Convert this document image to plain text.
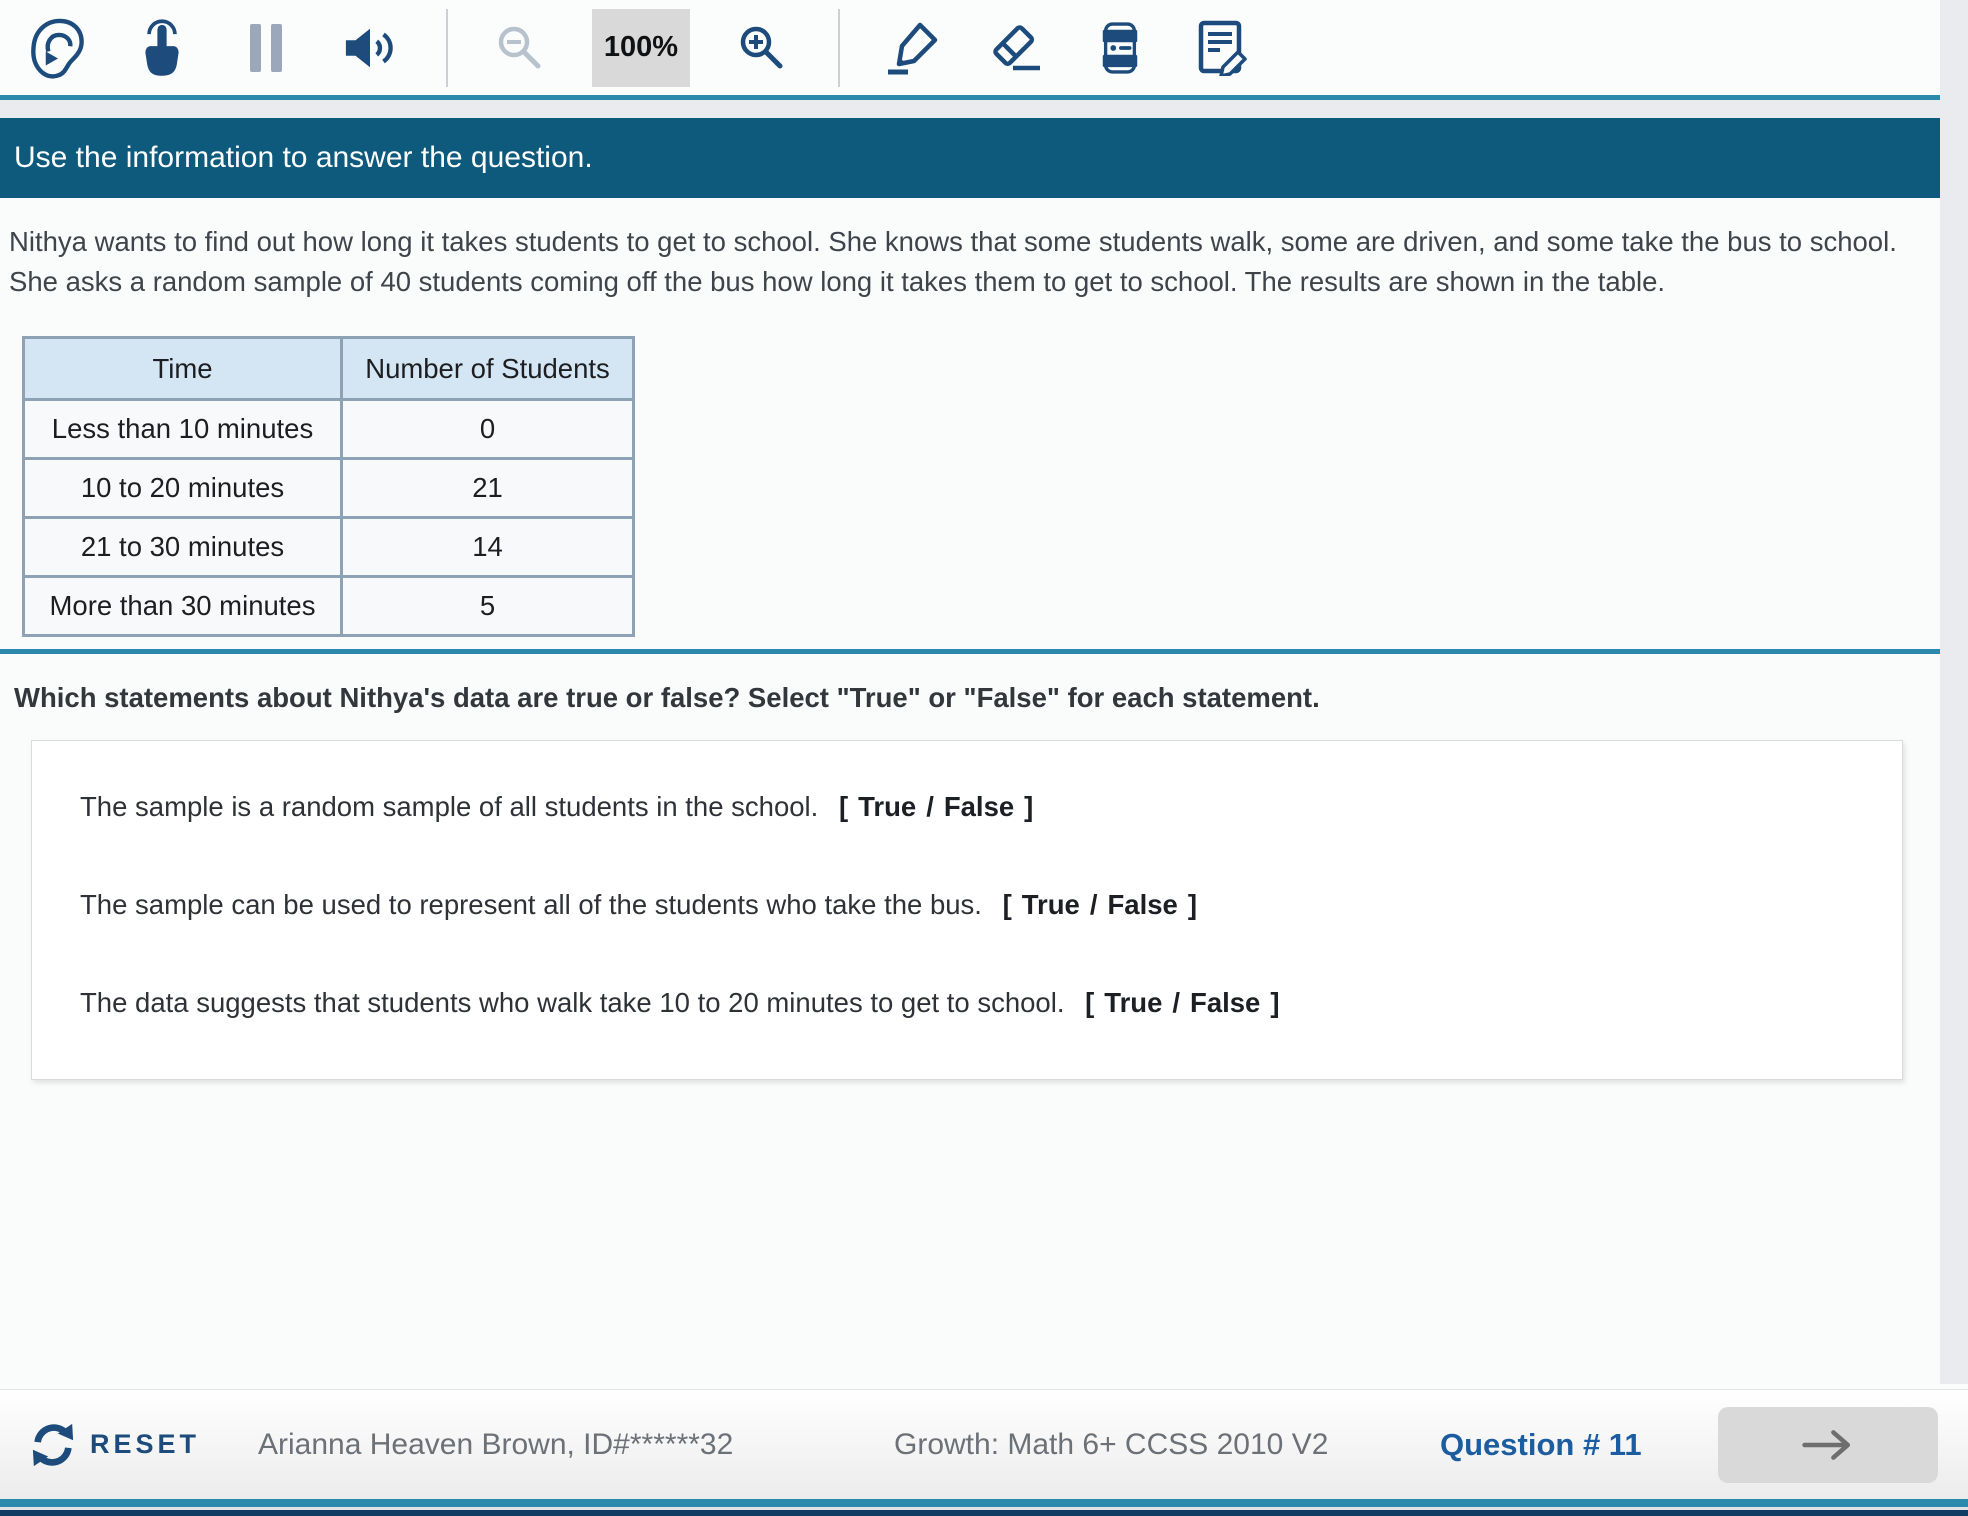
100%
Use the information to answer the question.

Nithya wants to find out how long it takes students to get to school. She knows that some students walk, some are driven, and some take the bus to school. She asks a random sample of 40 students coming off the bus how long it takes them to get to school. The results are shown in the table.

Time	Number of Students
Less than 10 minutes	0
10 to 20 minutes	21
21 to 30 minutes	14
More than 30 minutes	5

Which statements about Nithya's data are true or false? Select "True" or "False" for each statement.

The sample is a random sample of all students in the school. [ True / False ]
The sample can be used to represent all of the students who take the bus. [ True / False ]
The data suggests that students who walk take 10 to 20 minutes to get to school. [ True / False ]
RESET Arianna Heaven Brown, ID#******32	Growth: Math 6+ CCSS 2010 V2	Question # 11
